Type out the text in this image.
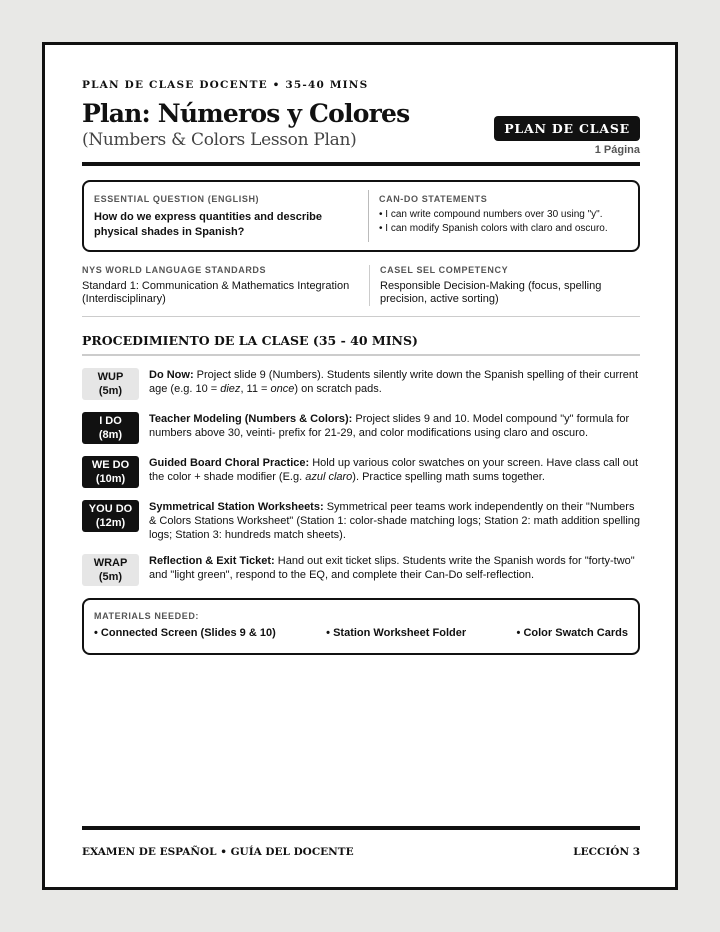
PLAN DE CLASE DOCENTE • 35-40 MINS
Plan: Números y Colores
(Numbers & Colors Lesson Plan)
PLAN DE CLASE
1 Página
ESSENTIAL QUESTION (ENGLISH)
How do we express quantities and describe physical shades in Spanish?
CAN-DO STATEMENTS
• I can write compound numbers over 30 using "y".
• I can modify Spanish colors with claro and oscuro.
NYS WORLD LANGUAGE STANDARDS
Standard 1: Communication & Mathematics Integration (Interdisciplinary)
CASEL SEL COMPETENCY
Responsible Decision-Making (focus, spelling precision, active sorting)
PROCEDIMIENTO DE LA CLASE (35 - 40 MINS)
WUP
(5m)
Do Now: Project slide 9 (Numbers). Students silently write down the Spanish spelling of their current age (e.g. 10 = diez, 11 = once) on scratch pads.
I DO
(8m)
Teacher Modeling (Numbers & Colors): Project slides 9 and 10. Model compound "y" formula for numbers above 30, veinti- prefix for 21-29, and color modifications using claro and oscuro.
WE DO
(10m)
Guided Board Choral Practice: Hold up various color swatches on your screen. Have class call out the color + shade modifier (E.g. azul claro). Practice spelling math sums together.
YOU DO
(12m)
Symmetrical Station Worksheets: Symmetrical peer teams work independently on their "Numbers & Colors Stations Worksheet" (Station 1: color-shade matching logs; Station 2: math addition spelling logs; Station 3: hundreds match sheets).
WRAP
(5m)
Reflection & Exit Ticket: Hand out exit ticket slips. Students write the Spanish words for "forty-two" and "light green", respond to the EQ, and complete their Can-Do self-reflection.
MATERIALS NEEDED:
• Connected Screen (Slides 9 & 10)	• Station Worksheet Folder	• Color Swatch Cards
EXAMEN DE ESPAÑOL • GUÍA DEL DOCENTE	LECCIÓN 3
